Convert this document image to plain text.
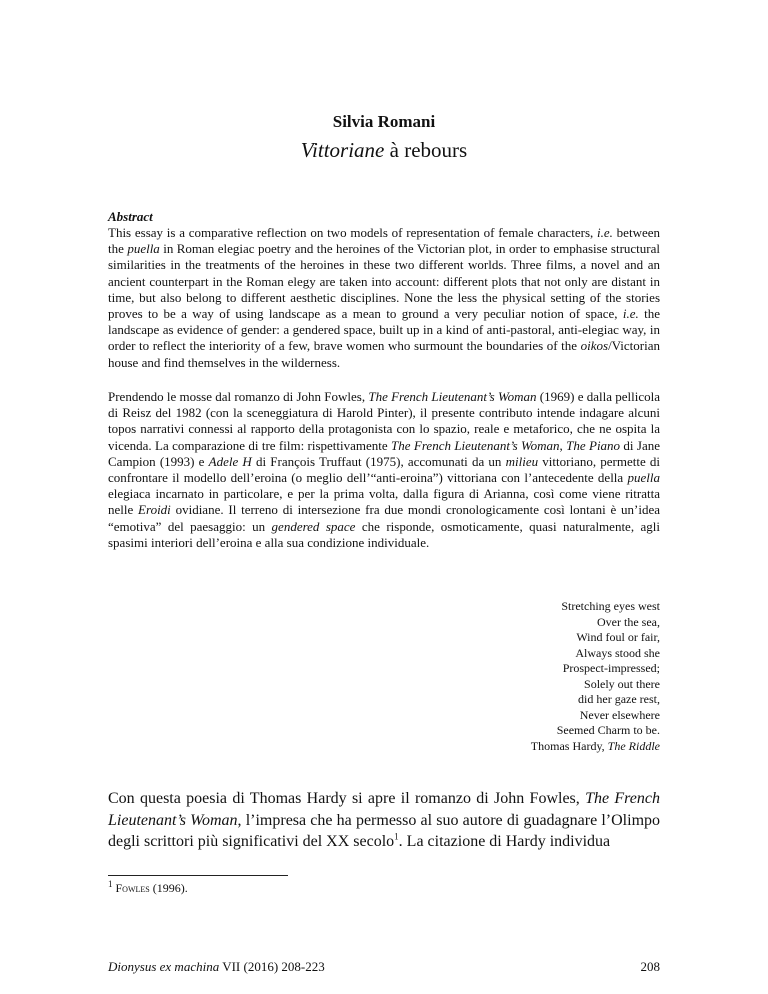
Silvia Romani
Vittoriane à rebours
Abstract

This essay is a comparative reflection on two models of representation of female characters, i.e. between the puella in Roman elegiac poetry and the heroines of the Victorian plot, in order to emphasise structural similarities in the treatments of the heroines in these two different worlds. Three films, a novel and an ancient counterpart in the Roman elegy are taken into account: different plots that not only are distant in time, but also belong to different aesthetic disciplines. None the less the physical setting of the stories proves to be a way of using landscape as a mean to ground a very peculiar notion of space, i.e. the landscape as evidence of gender: a gendered space, built up in a kind of anti-pastoral, anti-elegiac way, in order to reflect the interiority of a few, brave women who surmount the boundaries of the oikos/Victorian house and find themselves in the wilderness.

Prendendo le mosse dal romanzo di John Fowles, The French Lieutenant’s Woman (1969) e dalla pellicola di Reisz del 1982 (con la sceneggiatura di Harold Pinter), il presente contributo intende indagare alcuni topos narrativi connessi al rapporto della protagonista con lo spazio, reale e metaforico, che ne ospita la vicenda. La comparazione di tre film: rispettivamente The French Lieutenant’s Woman, The Piano di Jane Campion (1993) e Adele H di François Truffaut (1975), accomunati da un milieu vittoriano, permette di confrontare il modello dell’eroina (o meglio dell’“anti-eroina”) vittoriana con l’antecedente della puella elegiaca incarnato in particolare, e per la prima volta, dalla figura di Arianna, così come viene ritratta nelle Eroidi ovidiane. Il terreno di intersezione fra due mondi cronologicamente così lontani è un’idea “emotiva” del paesaggio: un gendered space che risponde, osmoticamente, quasi naturalmente, agli spasimi interiori dell’eroina e alla sua condizione individuale.

Stretching eyes west
Over the sea,
Wind foul or fair,
Always stood she
Prospect-impressed;
Solely out there
did her gaze rest,
Never elsewhere
Seemed Charm to be.
Thomas Hardy, The Riddle

Con questa poesia di Thomas Hardy si apre il romanzo di John Fowles, The French Lieutenant’s Woman, l’impresa che ha permesso al suo autore di guadagnare l’Olimpo degli scrittori più significativi del XX secolo$^1$. La citazione di Hardy individua

$^1$ Fowles (1996).
Dionysus ex machina VII (2016) 208-223	208
